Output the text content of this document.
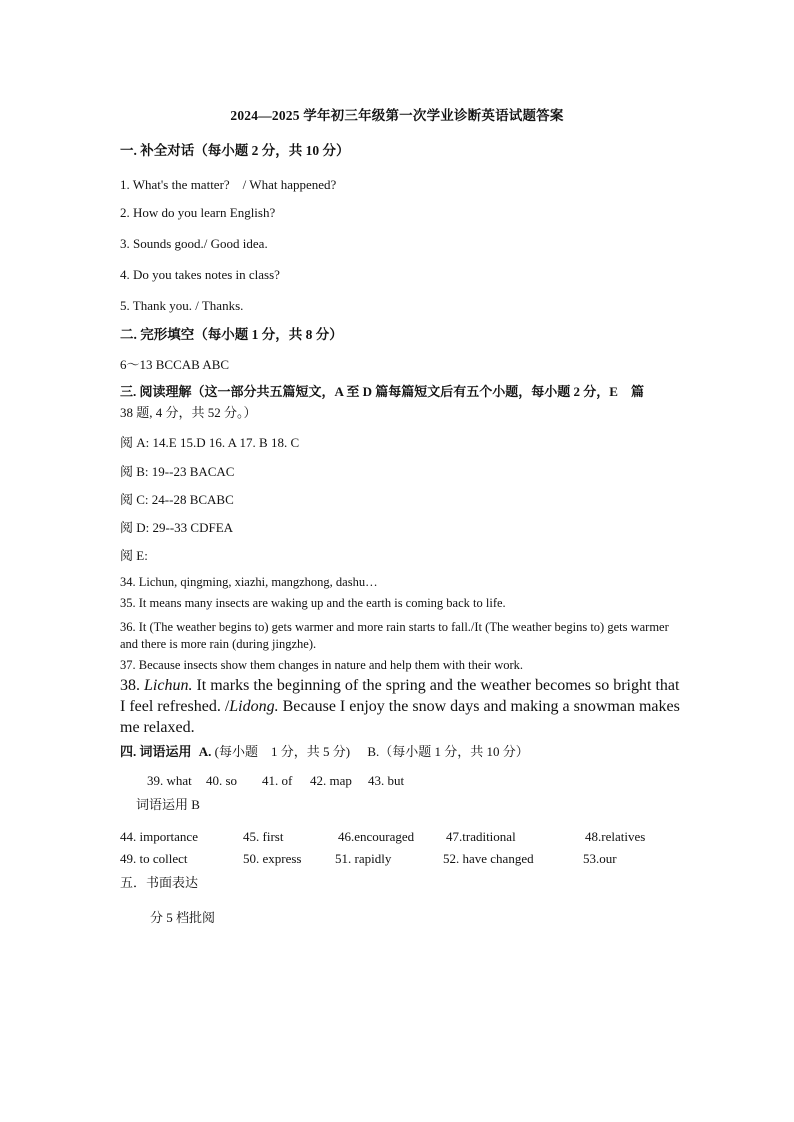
2024—2025 学年初三年级第一次学业诊断英语试题答案
一. 补全对话（每小题 2 分，共 10 分）
1. What's the matter?　/ What happened?
2. How do you learn English?
3. Sounds good./ Good idea.
4. Do you takes notes in class?
5. Thank you. / Thanks.
二. 完形填空（每小题 1 分，共 8 分）
6～13 BCCAB ABC
三. 阅读理解（这一部分共五篇短文，A 至 D 篇每篇短文后有五个小题，每小题 2 分，E　篇
38 题, 4 分，共 52 分。）
阅 A: 14.E 15.D 16. A 17. B 18. C
阅 B: 19--23 BACAC
阅 C: 24--28 BCABC
阅 D: 29--33 CDFEA
阅 E:
34. Lichun, qingming, xiazhi, mangzhong, dashu…
35. It means many insects are waking up and the earth is coming back to life.
36. It (The weather begins to) gets warmer and more rain starts to fall./It (The weather begins to) gets warmer and there is more rain (during jingzhe).
37. Because insects show them changes in nature and help them with their work.
38. Lichun. It marks the beginning of the spring and the weather becomes so bright that I feel refreshed. /Lidong. Because I enjoy the snow days and making a snowman makes me relaxed.
四. 词语运用 A. (每小题　1 分，共 5 分) B.（每小题 1 分，共 10 分）
39. what 40. so 41. of 42. map 43. but
词语运用 B
44. importance	45. first	46.encouraged 47.traditional	48.relatives
49. to collect	50. express	51. rapidly	52. have changed	53.our
五．书面表达
分 5 档批阅
